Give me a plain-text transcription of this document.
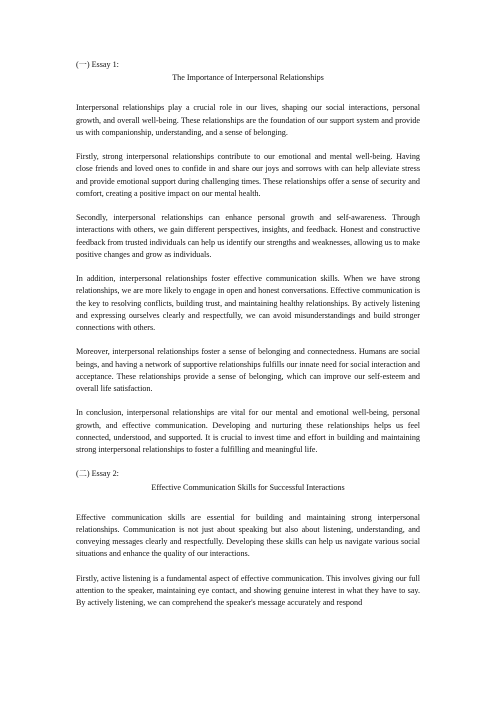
(一) Essay 1:
The Importance of Interpersonal Relationships

Interpersonal relationships play a crucial role in our lives, shaping our social interactions, personal growth, and overall well-being. These relationships are the foundation of our support system and provide us with companionship, understanding, and a sense of belonging.

Firstly, strong interpersonal relationships contribute to our emotional and mental well-being. Having close friends and loved ones to confide in and share our joys and sorrows with can help alleviate stress and provide emotional support during challenging times. These relationships offer a sense of security and comfort, creating a positive impact on our mental health.

Secondly, interpersonal relationships can enhance personal growth and self-awareness. Through interactions with others, we gain different perspectives, insights, and feedback. Honest and constructive feedback from trusted individuals can help us identify our strengths and weaknesses, allowing us to make positive changes and grow as individuals.

In addition, interpersonal relationships foster effective communication skills. When we have strong relationships, we are more likely to engage in open and honest conversations. Effective communication is the key to resolving conflicts, building trust, and maintaining healthy relationships. By actively listening and expressing ourselves clearly and respectfully, we can avoid misunderstandings and build stronger connections with others.

Moreover, interpersonal relationships foster a sense of belonging and connectedness. Humans are social beings, and having a network of supportive relationships fulfills our innate need for social interaction and acceptance. These relationships provide a sense of belonging, which can improve our self-esteem and overall life satisfaction.

In conclusion, interpersonal relationships are vital for our mental and emotional well-being, personal growth, and effective communication. Developing and nurturing these relationships helps us feel connected, understood, and supported. It is crucial to invest time and effort in building and maintaining strong interpersonal relationships to foster a fulfilling and meaningful life.

(二) Essay 2:
Effective Communication Skills for Successful Interactions

Effective communication skills are essential for building and maintaining strong interpersonal relationships. Communication is not just about speaking but also about listening, understanding, and conveying messages clearly and respectfully. Developing these skills can help us navigate various social situations and enhance the quality of our interactions.

Firstly, active listening is a fundamental aspect of effective communication. This involves giving our full attention to the speaker, maintaining eye contact, and showing genuine interest in what they have to say. By actively listening, we can comprehend the speaker's message accurately and respond
